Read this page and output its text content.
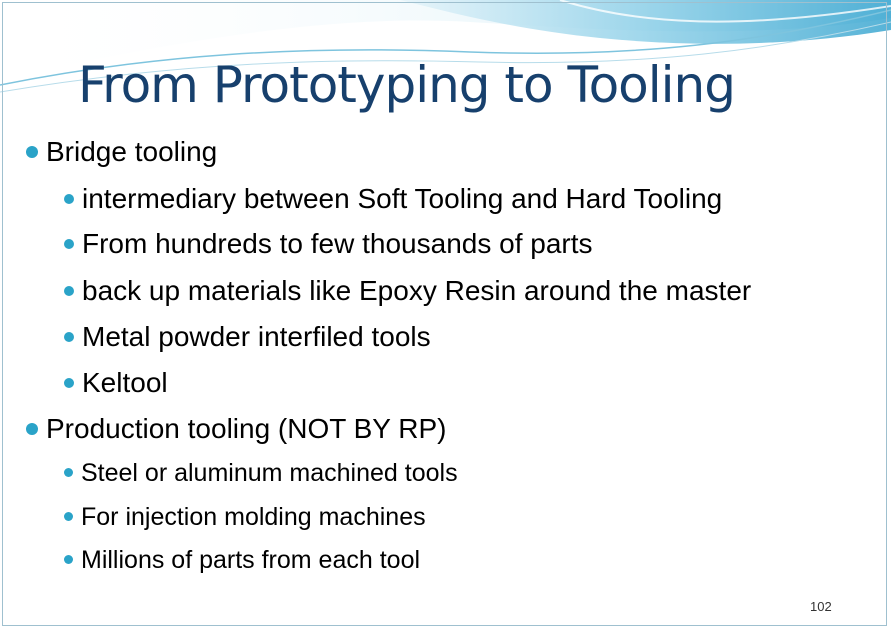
From Prototyping to Tooling
Bridge tooling
intermediary between Soft Tooling and Hard Tooling
From hundreds to few thousands of parts
back up materials like Epoxy Resin around the master
Metal powder interfiled tools
Keltool
Production tooling (NOT BY RP)
Steel or aluminum machined tools
For injection molding machines
Millions of parts from each tool
102
